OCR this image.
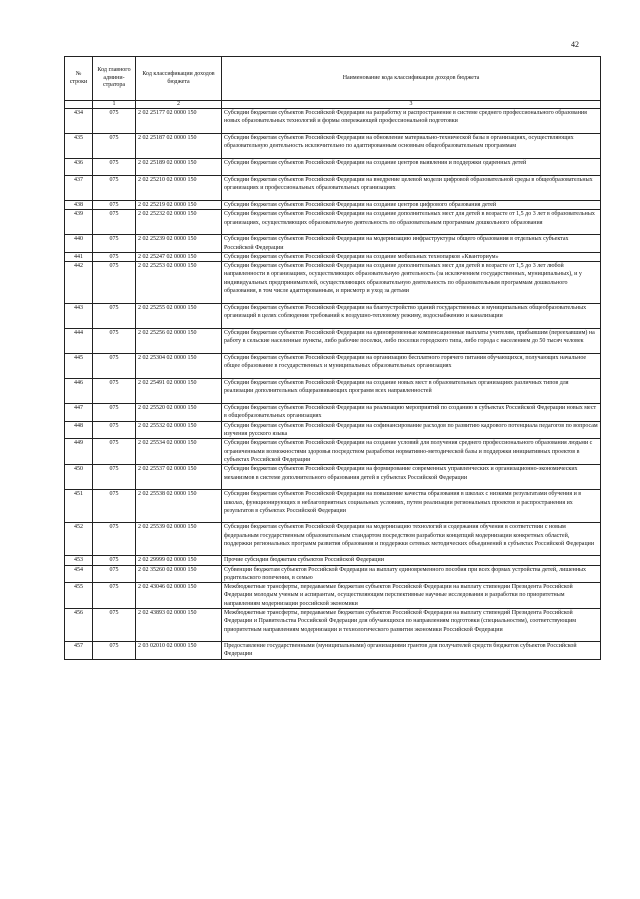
42
№ строки	Код главного админи-стратора	Код классификации доходов бюджета	Наименование кода классификации доходов бюджета
	1	2	3
434	075	2 02 25177 02 0000 150	Субсидии бюджетам субъектов Российской Федерации на разработку и распространение в системе среднего профессионального образования новых образовательных технологий и формы опережающей профессиональной подготовки
435	075	2 02 25187 02 0000 150	Субсидии бюджетам субъектов Российской Федерации на обновление материально-технической базы в организациях, осуществляющих образовательную деятельность исключительно по адаптированным основным общеобразовательным программам
436	075	2 02 25189 02 0000 150	Субсидии бюджетам субъектов Российской Федерации на создание центров выявления и поддержки одаренных детей
437	075	2 02 25210 02 0000 150	Субсидии бюджетам субъектов Российской Федерации на внедрение целевой модели цифровой образовательной среды в общеобразовательных организациях и профессиональных образовательных организациях
438	075	2 02 25219 02 0000 150	Субсидии бюджетам субъектов Российской Федерации на создание центров цифрового образования детей
439	075	2 02 25232 02 0000 150	Субсидии бюджетам субъектов Российской Федерации на создание дополнительных мест для детей в возрасте от 1,5 до 3 лет в образовательных организациях, осуществляющих образовательную деятельность по образовательным программам дошкольного образования
440	075	2 02 25239 02 0000 150	Субсидии бюджетам субъектов Российской Федерации на модернизацию инфраструктуры общего образования в отдельных субъектах Российской Федерации
441	075	2 02 25247 02 0000 150	Субсидии бюджетам субъектов Российской Федерации на создание мобильных технопарков «Кванториум»
442	075	2 02 25253 02 0000 150	Субсидии бюджетам субъектов Российской Федерации на создание дополнительных мест для детей в возрасте от 1,5 до 3 лет любой направленности в организациях, осуществляющих образовательную деятельность (за исключением государственных, муниципальных), и у индивидуальных предпринимателей, осуществляющих образовательную деятельность по образовательным программам дошкольного образования, в том числе адаптированным, и присмотр и уход за детьми
443	075	2 02 25255 02 0000 150	Субсидии бюджетам субъектов Российской Федерации на благоустройство зданий государственных и муниципальных общеобразовательных организаций в целях соблюдения требований к воздушно-тепловому режиму, водоснабжению и канализации
444	075	2 02 25256 02 0000 150	Субсидии бюджетам субъектов Российской Федерации на единовременные компенсационные выплаты учителям, прибывшим (переехавшим) на работу в сельские населенные пункты, либо рабочие поселки, либо поселки городского типа, либо города с населением до 50 тысяч человек
445	075	2 02 25304 02 0000 150	Субсидии бюджетам субъектов Российской Федерации на организацию бесплатного горячего питания обучающихся, получающих начальное общее образование в государственных и муниципальных образовательных организациях
446	075	2 02 25491 02 0000 150	Субсидии бюджетам субъектов Российской Федерации на создание новых мест в образовательных организациях различных типов для реализации дополнительных общеразвивающих программ всех направленностей
447	075	2 02 25520 02 0000 150	Субсидии бюджетам субъектов Российской Федерации на реализацию мероприятий по созданию в субъектах Российской Федерации новых мест в общеобразовательных организациях
448	075	2 02 25532 02 0000 150	Субсидии бюджетам субъектов Российской Федерации на софинансирование расходов по развитию кадрового потенциала педагогов по вопросам изучения русского языка
449	075	2 02 25534 02 0000 150	Субсидии бюджетам субъектов Российской Федерации на создание условий для получения среднего профессионального образования людьми с ограниченными возможностями здоровья посредством разработки нормативно-методической базы и поддержки инициативных проектов в субъектах Российской Федерации
450	075	2 02 25537 02 0000 150	Субсидии бюджетам субъектов Российской Федерации на формирование современных управленческих и организационно-экономических механизмов в системе дополнительного образования детей в субъектах Российской Федерации
451	075	2 02 25538 02 0000 150	Субсидии бюджетам субъектов Российской Федерации на повышение качества образования в школах с низкими результатами обучения и в школах, функционирующих в неблагоприятных социальных условиях, путем реализации региональных проектов и распространения их результатов в субъектах Российской Федерации
452	075	2 02 25539 02 0000 150	Субсидии бюджетам субъектов Российской Федерации на модернизацию технологий и содержания обучения в соответствии с новым федеральным государственным образовательным стандартом посредством разработки концепций модернизации конкретных областей, поддержки региональных программ развития образования и поддержки сетевых методических объединений в субъектах Российской Федерации
453	075	2 02 29999 02 0000 150	Прочие субсидии бюджетам субъектов Российской Федерации
454	075	2 02 35260 02 0000 150	Субвенции бюджетам субъектов Российской Федерации на выплату единовременного пособия при всех формах устройства детей, лишенных родительского попечения, в семью
455	075	2 02 43046 02 0000 150	Межбюджетные трансферты, передаваемые бюджетам субъектов Российской Федерации на выплату стипендии Президента Российской Федерации молодым ученым и аспирантам, осуществляющим перспективные научные исследования и разработки по приоритетным направлениям модернизации российской экономики
456	075	2 02 43893 02 0000 150	Межбюджетные трансферты, передаваемые бюджетам субъектов Российской Федерации на выплату стипендий Президента Российской Федерации и Правительства Российской Федерации для обучающихся по направлениям подготовки (специальностям), соответствующим приоритетным направлениям модернизации и технологического развития экономики Российской Федерации
457	075	2 03 02010 02 0000 150	Предоставление государственными (муниципальными) организациями грантов для получателей средств бюджетов субъектов Российской Федерации
